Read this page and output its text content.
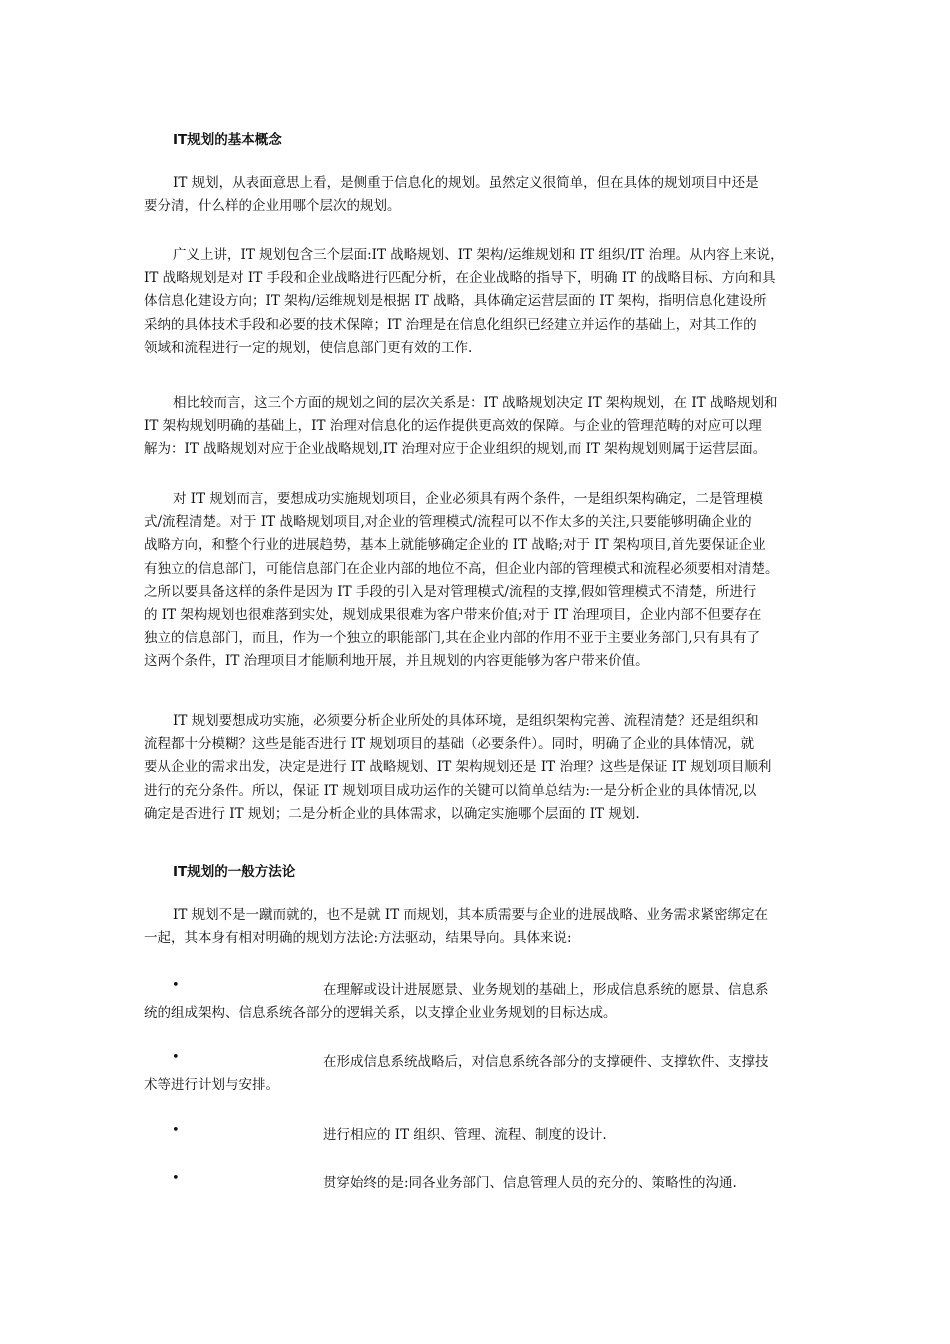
IT规划的基本概念
IT 规划，从表面意思上看，是侧重于信息化的规划。虽然定义很简单，但在具体的规划项目中还是
要分清，什么样的企业用哪个层次的规划。
广义上讲，IT 规划包含三个层面:IT 战略规划、IT 架构/运维规划和 IT 组织/IT 治理。从内容上来说，
IT 战略规划是对 IT 手段和企业战略进行匹配分析，在企业战略的指导下，明确 IT 的战略目标、方向和具
体信息化建设方向；IT 架构/运维规划是根据 IT 战略，具体确定运营层面的 IT 架构，指明信息化建设所
采纳的具体技术手段和必要的技术保障；IT 治理是在信息化组织已经建立并运作的基础上，对其工作的
领域和流程进行一定的规划，使信息部门更有效的工作.
相比较而言，这三个方面的规划之间的层次关系是：IT 战略规划决定 IT 架构规划，在 IT 战略规划和
IT 架构规划明确的基础上，IT 治理对信息化的运作提供更高效的保障。与企业的管理范畴的对应可以理
解为：IT 战略规划对应于企业战略规划,IT 治理对应于企业组织的规划,而 IT 架构规划则属于运营层面。
对 IT 规划而言，要想成功实施规划项目，企业必须具有两个条件，一是组织架构确定，二是管理模
式/流程清楚。对于 IT 战略规划项目,对企业的管理模式/流程可以不作太多的关注,只要能够明确企业的
战略方向，和整个行业的进展趋势，基本上就能够确定企业的 IT 战略;对于 IT 架构项目,首先要保证企业
有独立的信息部门，可能信息部门在企业内部的地位不高，但企业内部的管理模式和流程必须要相对清楚。
之所以要具备这样的条件是因为 IT 手段的引入是对管理模式/流程的支撑,假如管理模式不清楚，所进行
的 IT 架构规划也很难落到实处，规划成果很难为客户带来价值;对于 IT 治理项目，企业内部不但要存在
独立的信息部门，而且，作为一个独立的职能部门,其在企业内部的作用不亚于主要业务部门,只有具有了
这两个条件，IT 治理项目才能顺利地开展，并且规划的内容更能够为客户带来价值。
IT 规划要想成功实施，必须要分析企业所处的具体环境，是组织架构完善、流程清楚？还是组织和
流程都十分模糊？这些是能否进行 IT 规划项目的基础（必要条件）。同时，明确了企业的具体情况，就
要从企业的需求出发，决定是进行 IT 战略规划、IT 架构规划还是 IT 治理？这些是保证 IT 规划项目顺利
进行的充分条件。所以，保证 IT 规划项目成功运作的关键可以简单总结为:一是分析企业的具体情况,以
确定是否进行 IT 规划；二是分析企业的具体需求，以确定实施哪个层面的 IT 规划.
IT规划的一般方法论
IT 规划不是一蹴而就的，也不是就 IT 而规划，其本质需要与企业的进展战略、业务需求紧密绑定在
一起，其本身有相对明确的规划方法论:方法驱动，结果导向。具体来说:
•	在理解或设计进展愿景、业务规划的基础上，形成信息系统的愿景、信息系
统的组成架构、信息系统各部分的逻辑关系，以支撑企业业务规划的目标达成。
•	在形成信息系统战略后，对信息系统各部分的支撑硬件、支撑软件、支撑技
术等进行计划与安排。
•	进行相应的 IT 组织、管理、流程、制度的设计.
•	贯穿始终的是:同各业务部门、信息管理人员的充分的、策略性的沟通.
